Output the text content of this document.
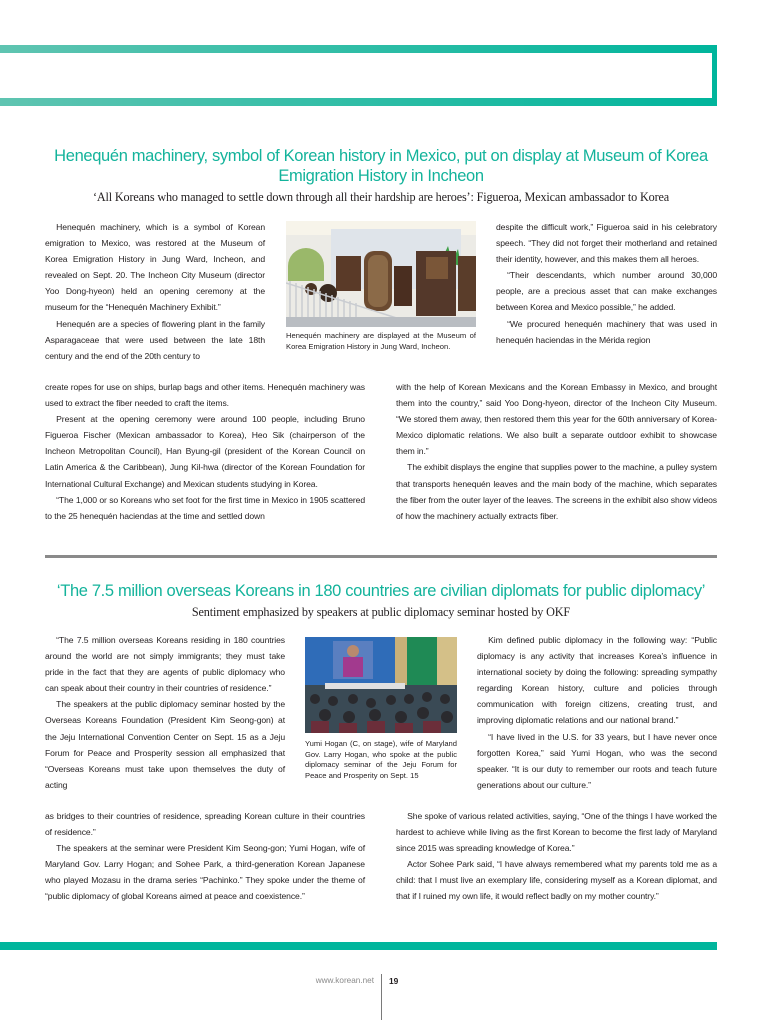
Henequén machinery, symbol of Korean history in Mexico, put on display at Museum of Korea
Emigration History in Incheon
‘All Koreans who managed to settle down through all their hardship are heroes’: Figueroa, Mexican ambassador to Korea

Henequén machinery, which is a symbol of Korean emigration to Mexico, was restored at the Museum of Korea Emigration History in Jung Ward, Incheon, and revealed on Sept. 20. The Incheon City Museum (director Yoo Dong-hyeon) held an opening ceremony at the museum for the “Henequén Machinery Exhibit.”

Henequén are a species of flowering plant in the family Asparagaceae that were used between the late 18th century and the end of the 20th century to

Henequén machinery are displayed at the Museum of Korea Emigration History in Jung Ward, Incheon.

despite the difficult work,” Figueroa said in his celebratory speech. “They did not forget their motherland and retained their identity, however, and this makes them all heroes.

“Their descendants, which number around 30,000 people, are a precious asset that can make exchanges between Korea and Mexico possible,” he added.

“We procured henequén machinery that was used in henequén haciendas in the Mérida region

create ropes for use on ships, burlap bags and other items. Henequén machinery was used to extract the fiber needed to craft the items.

Present at the opening ceremony were around 100 people, including Bruno Figueroa Fischer (Mexican ambassador to Korea), Heo Sik (chairperson of the Incheon Metropolitan Council), Han Byung-gil (president of the Korean Council on Latin America & the Caribbean), Jung Kil-hwa (director of the Korean Foundation for International Cultural Exchange) and Mexican students studying in Korea.

“The 1,000 or so Koreans who set foot for the first time in Mexico in 1905 scattered to the 25 henequén haciendas at the time and settled down

with the help of Korean Mexicans and the Korean Embassy in Mexico, and brought them into the country,” said Yoo Dong-hyeon, director of the Incheon City Museum. “We stored them away, then restored them this year for the 60th anniversary of Korea-Mexico diplomatic relations. We also built a separate outdoor exhibit to showcase them in.”

The exhibit displays the engine that supplies power to the machine, a pulley system that transports henequén leaves and the main body of the machine, which separates the fiber from the outer layer of the leaves. The screens in the exhibit also show videos of how the machinery actually extracts fiber.

‘The 7.5 million overseas Koreans in 180 countries are civilian diplomats for public diplomacy’
Sentiment emphasized by speakers at public diplomacy seminar hosted by OKF

“The 7.5 million overseas Koreans residing in 180 countries around the world are not simply immigrants; they must take pride in the fact that they are agents of public diplomacy who can speak about their country in their countries of residence.”

The speakers at the public diplomacy seminar hosted by the Overseas Koreans Foundation (President Kim Seong-gon) at the Jeju International Convention Center on Sept. 15 as a Jeju Forum for Peace and Prosperity session all emphasized that “Overseas Koreans must take upon themselves the duty of acting

Yumi Hogan (C, on stage), wife of Maryland Gov. Larry Hogan, who spoke at the public diplomacy seminar of the Jeju Forum for Peace and Prosperity on Sept. 15

Kim defined public diplomacy in the following way: “Public diplomacy is any activity that increases Korea’s influence in international society by doing the following: spreading sympathy regarding Korean history, culture and policies through communication with foreign citizens, creating trust, and improving diplomatic relations and our national brand.”

“I have lived in the U.S. for 33 years, but I have never once forgotten Korea,” said Yumi Hogan, who was the second speaker. “It is our duty to remember our roots and teach future generations about our culture.”

as bridges to their countries of residence, spreading Korean culture in their countries of residence.”

The speakers at the seminar were President Kim Seong-gon; Yumi Hogan, wife of Maryland Gov. Larry Hogan; and Sohee Park, a third-generation Korean Japanese who played Mozasu in the drama series “Pachinko.” They spoke under the theme of “public diplomacy of global Koreans aimed at peace and coexistence.”

She spoke of various related activities, saying, “One of the things I have worked the hardest to achieve while living as the first Korean to become the first lady of Maryland since 2015 was spreading knowledge of Korea.”

Actor Sohee Park said, “I have always remembered what my parents told me as a child: that I must live an exemplary life, considering myself as a Korean diplomat, and that if I ruined my own life, it would reflect badly on my mother country.”

www.korean.net 19
